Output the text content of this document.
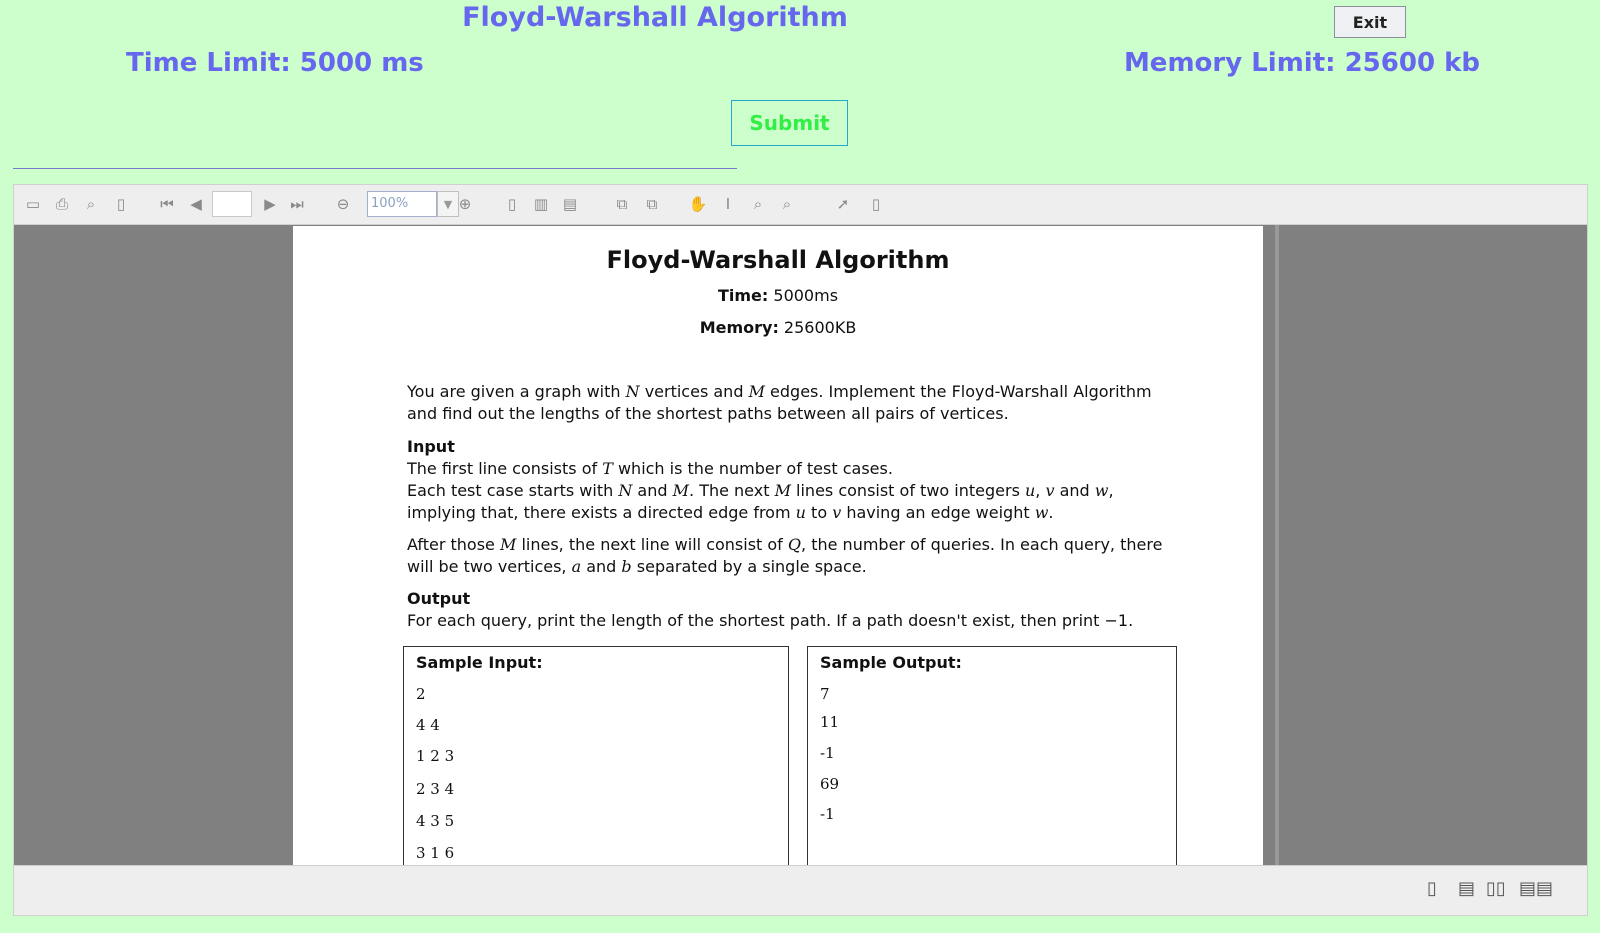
Floyd-Warshall Algorithm
Time Limit: 5000 ms	Memory Limit: 25600 kb
Exit
Submit
▭	⎙	⌕	▯	⏮	◀	▶ ⏭	⊖	100%	▼ ⊕	▯	▥ ▤	⧉	⧉	✋	I	⌕	⌕	➚	▯
Floyd-Warshall Algorithm
Time: 5000ms
Memory: 25600KB
You are given a graph with N vertices and M edges. Implement the Floyd-Warshall Algorithm and find out the lengths of the shortest paths between all pairs of vertices.
Input
The first line consists of T which is the number of test cases.
Each test case starts with N and M. The next M lines consist of two integers u, v and w, implying that, there exists a directed edge from u to v having an edge weight w.
After those M lines, the next line will consist of Q, the number of queries. In each query, there will be two vertices, a and b separated by a single space.
Output
For each query, print the length of the shortest path. If a path doesn't exist, then print −1.
Sample Input:
2
4 4
1 2 3
2 3 4
4 3 5
3 1 6
Sample Output:
7
11
-1
69
-1
▯ ▤ ▯▯ ▤▤
